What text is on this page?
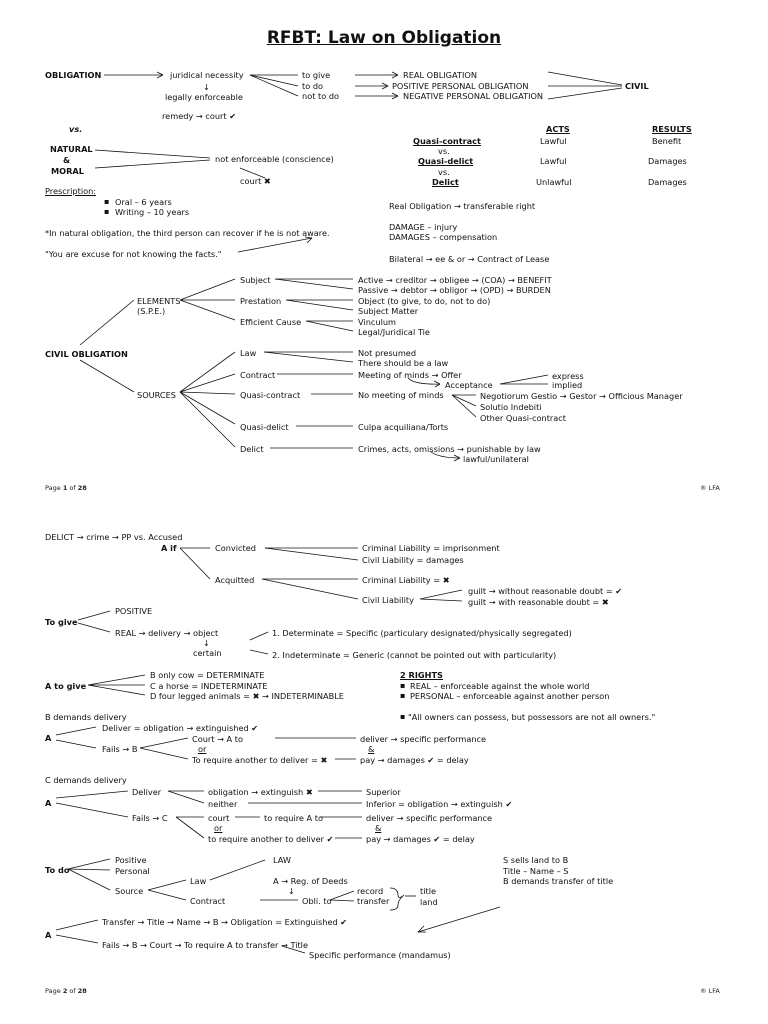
RFBT: Law on Obligation
OBLIGATION	juridical necessity
↓
legally enforceable
remedy → court ✔
to give
to do
not to do
REAL OBLIGATION
POSITIVE PERSONAL OBLIGATION
NEGATIVE PERSONAL OBLIGATION
CIVIL
vs.
NATURAL
&
MORAL
not enforceable (conscience)
court ✖
ACTS	RESULTS
Quasi-contract	Lawful	Benefit
vs.
Quasi-delict	Lawful	Damages
vs.
Delict	Unlawful	Damages
Prescription:
▪ Oral – 6 years
▪ Writing – 10 years
*In natural obligation, the third person can recover if he is not aware.
"You are excuse for not knowing the facts."
Real Obligation → transferable right
DAMAGE – injury
DAMAGES – compensation
Bilateral → ee & or → Contract of Lease
ELEMENTS
(S.P.E.)
Subject
Prestation
Efficient Cause
Active → creditor → obligee → (COA) → BENEFIT
Passive → debtor → obligor → (OPD) → BURDEN
Object (to give, to do, not to do)
Subject Matter
Vinculum
Legal/Juridical Tie
CIVIL OBLIGATION
SOURCES
Law
Contract
Quasi-contract
Quasi-delict
Delict
Not presumed
There should be a law
Meeting of minds → Offer
Acceptance
express
implied
No meeting of minds	Negotiorum Gestio → Gestor → Officious Manager
Solutio Indebiti
Other Quasi-contract
Culpa acquiliana/Torts
Crimes, acts, omissions → punishable by law
lawful/unilateral
Page 1 of 28	® LFA
DELICT → crime → PP vs. Accused
A if	Convicted
Acquitted
Criminal Liability = imprisonment
Civil Liability = damages
Criminal Liability = ✖
Civil Liability
guilt → without reasonable doubt = ✔
guilt → with reasonable doubt = ✖
To give
POSITIVE
REAL → delivery → object
↓
certain
1. Determinate = Specific (particulary designated/physically segregated)
2. Indeterminate = Generic (cannot be pointed out with particularity)
A to give
B only cow = DETERMINATE
C a horse = INDETERMINATE
D four legged animals = ✖ → INDETERMINABLE
2 RIGHTS
▪ REAL – enforceable against the whole world
▪ PERSONAL – enforceable against another person
▪ "All owners can possess, but possessors are not all owners."
B demands delivery
A
Deliver = obligation → extinguished ✔
Fails → B
Court → A to
or
To require another to deliver = ✖
deliver → specific performance
&
pay → damages ✔ = delay
C demands delivery
A
Deliver	obligation → extinguish ✖
neither
Superior
Inferior = obligation → extinguish ✔
Fails → C	court	to require A to
or
to require another to deliver ✔
deliver → specific performance
&
pay → damages ✔ = delay
To do
Positive
Personal
Source
LAW
Law
Contract
A → Reg. of Deeds
↓
Obli. to
record
transfer
title
land
S sells land to B
Title – Name – S
B demands transfer of title
A
Transfer → Title → Name → B → Obligation = Extinguished ✔
Fails → B → Court → To require A to transfer → Title
Specific performance (mandamus)
Page 2 of 28	® LFA
